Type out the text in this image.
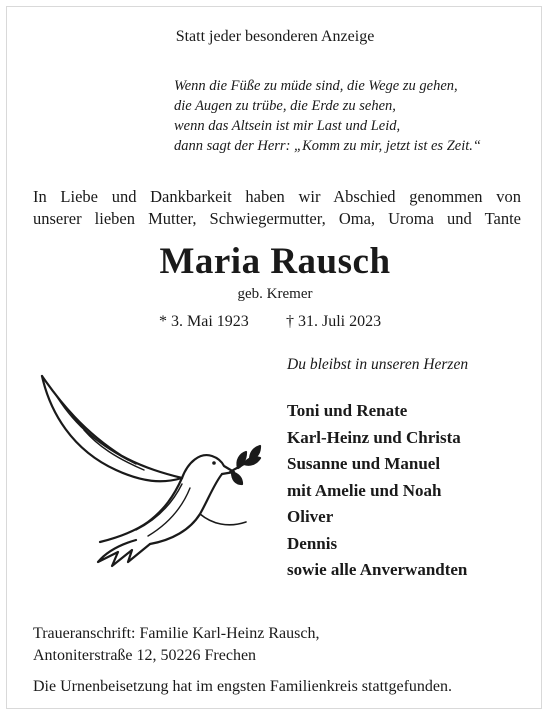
Statt jeder besonderen Anzeige

Wenn die Füße zu müde sind, die Wege zu gehen,
die Augen zu trübe, die Erde zu sehen,
wenn das Altsein ist mir Last und Leid,
dann sagt der Herr: „Komm zu mir, jetzt ist es Zeit.“
In Liebe und Dankbarkeit haben wir Abschied genommen von
unserer lieben Mutter, Schwiegermutter, Oma, Uroma und Tante

Maria Rausch

geb. Kremer

* 3. Mai 1923 † 31. Juli 2023

Du bleibst in unseren Herzen

Toni und Renate
Karl-Heinz und Christa
Susanne und Manuel
mit Amelie und Noah
Oliver
Dennis
sowie alle Anverwandten
Traueranschrift: Familie Karl-Heinz Rausch,
Antoniterstraße 12, 50226 Frechen

Die Urnenbeisetzung hat im engsten Familienkreis stattgefunden.
